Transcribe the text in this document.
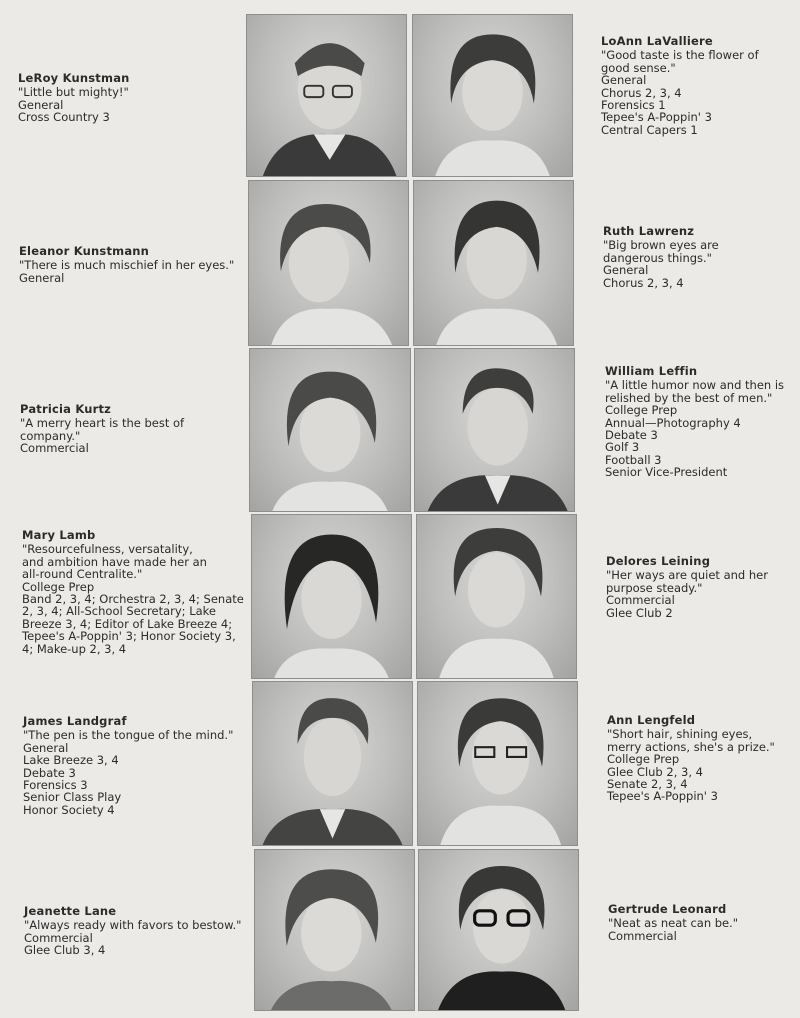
LeRoy Kunstman
"Little but mighty!"
General
Cross Country 3
Eleanor Kunstmann
"There is much mischief in her eyes."
General
Patricia Kurtz
"A merry heart is the best of company."
Commercial
Mary Lamb
"Resourcefulness, versatality, and ambition have made her an all-round Centralite."
College Prep
Band 2, 3, 4; Orchestra 2, 3, 4; Senate 2, 3, 4; All-School Secretary; Lake Breeze 3, 4; Editor of Lake Breeze 4; Tepee's A-Poppin' 3; Honor Society 3, 4; Make-up 2, 3, 4
James Landgraf
"The pen is the tongue of the mind."
General
Lake Breeze 3, 4
Debate 3
Forensics 3
Senior Class Play
Honor Society 4
Jeanette Lane
"Always ready with favors to bestow."
Commercial
Glee Club 3, 4
LoAnn LaValliere
"Good taste is the flower of good sense."
General
Chorus 2, 3, 4
Forensics 1
Tepee's A-Poppin' 3
Central Capers 1
Ruth Lawrenz
"Big brown eyes are dangerous things."
General
Chorus 2, 3, 4
William Leffin
"A little humor now and then is relished by the best of men."
College Prep
Annual—Photography 4
Debate 3
Golf 3
Football 3
Senior Vice-President
Delores Leining
"Her ways are quiet and her purpose steady."
Commercial
Glee Club 2
Ann Lengfeld
"Short hair, shining eyes, merry actions, she's a prize."
College Prep
Glee Club 2, 3, 4
Senate 2, 3, 4
Tepee's A-Poppin' 3
Gertrude Leonard
"Neat as neat can be."
Commercial
